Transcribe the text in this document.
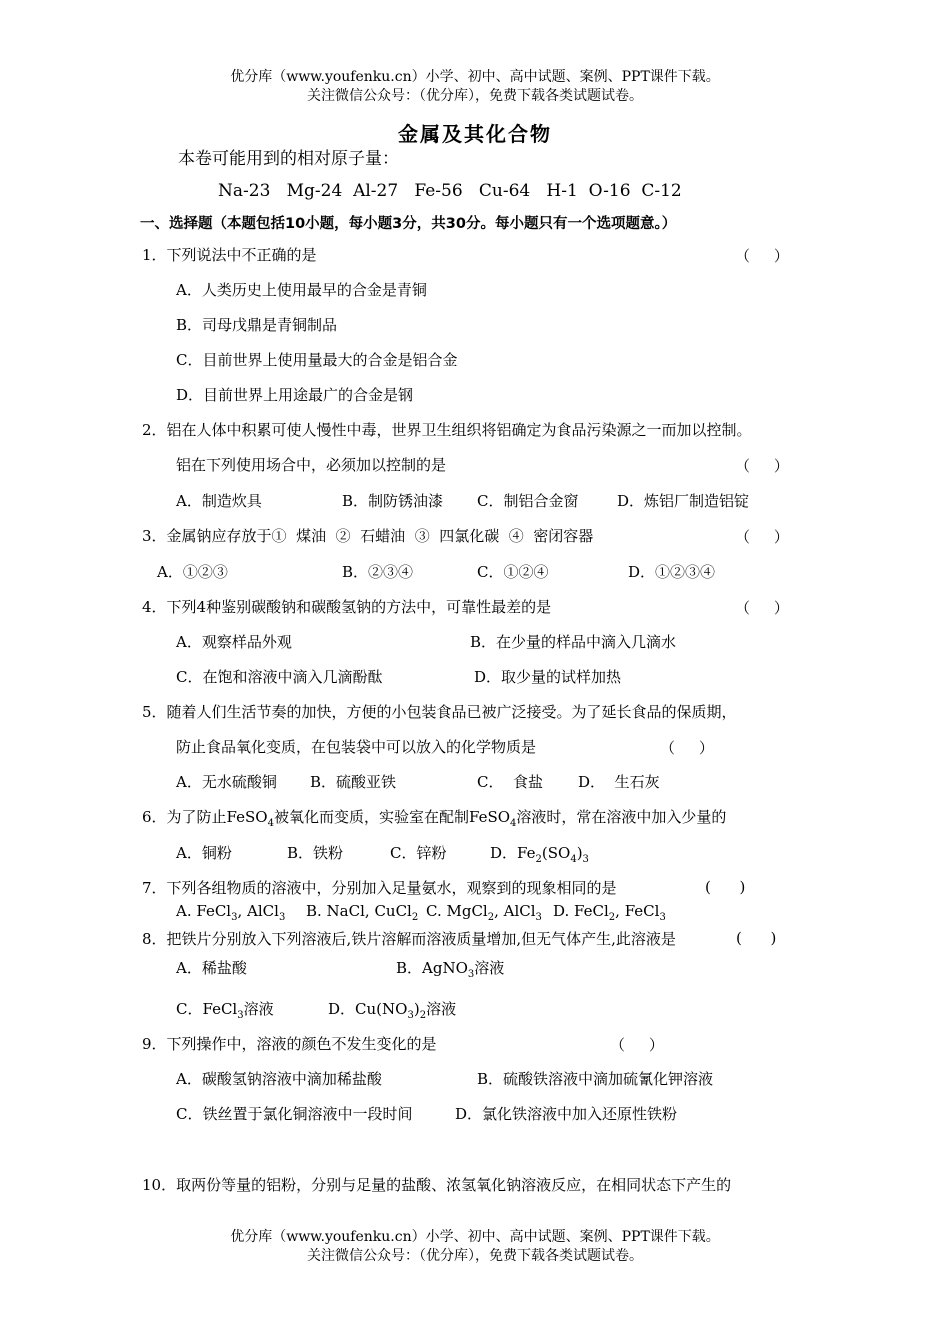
优分库（www.youfenku.cn）小学、初中、高中试题、案例、PPT课件下载。
关注微信公众号：（优分库），免费下载各类试题试卷。
金属及其化合物
本卷可能用到的相对原子量：
Na-23   Mg-24  Al-27   Fe-56   Cu-64   H-1  O-16  C-12
一、选择题（本题包括10小题，每小题3分，共30分。每小题只有一个选项题意。）
1．下列说法中不正确的是	（     ）
A．人类历史上使用最早的合金是青铜
B．司母戊鼎是青铜制品
C．目前世界上使用量最大的合金是铝合金
D．目前世界上用途最广的合金是钢
2．铝在人体中积累可使人慢性中毒，世界卫生组织将铝确定为食品污染源之一而加以控制。
铝在下列使用场合中，必须加以控制的是	（     ）
A．制造炊具	B．制防锈油漆 C．制铝合金窗	D．炼铝厂制造铝锭
3．金属钠应存放于①  煤油  ②  石蜡油  ③  四氯化碳  ④  密闭容器	（     ）
A．①②③	B．②③④	C．①②④	D．①②③④
4．下列4种鉴别碳酸钠和碳酸氢钠的方法中，可靠性最差的是	（     ）
A．观察样品外观	B．在少量的样品中滴入几滴水
C．在饱和溶液中滴入几滴酚酞	D．取少量的试样加热
5．随着人们生活节奏的加快，方便的小包装食品已被广泛接受。为了延长食品的保质期，
防止食品氧化变质，在包装袋中可以放入的化学物质是	（     ）
A．无水硫酸铜 B．硫酸亚铁	C．  食盐 D．  生石灰
6．为了防止FeSO$_4$被氧化而变质，实验室在配制FeSO$_4$溶液时，常在溶液中加入少量的
A．铜粉	B．铁粉	C．锌粉	D．$Fe_2(SO_4)_3$
7．下列各组物质的溶液中，分别加入足量氨水，观察到的现象相同的是	(      )
A. FeCl$_3$, AlCl$_3$ B. NaCl, CuCl$_2$ C. MgCl$_2$, AlCl$_3$ D. FeCl$_2$, FeCl$_3$
8．把铁片分别放入下列溶液后,铁片溶解而溶液质量增加,但无气体产生,此溶液是	(      )
A．稀盐酸	B．AgNO$_3$溶液
C．FeCl$_3$溶液	D．$Cu(NO_3)_2$溶液
9．下列操作中，溶液的颜色不发生变化的是	（     ）
A．碳酸氢钠溶液中滴加稀盐酸	B．硫酸铁溶液中滴加硫氰化钾溶液
C．铁丝置于氯化铜溶液中一段时间	D．氯化铁溶液中加入还原性铁粉
10．取两份等量的铝粉，分别与足量的盐酸、浓氢氧化钠溶液反应，在相同状态下产生的
优分库（www.youfenku.cn）小学、初中、高中试题、案例、PPT课件下载。
关注微信公众号：（优分库），免费下载各类试题试卷。
